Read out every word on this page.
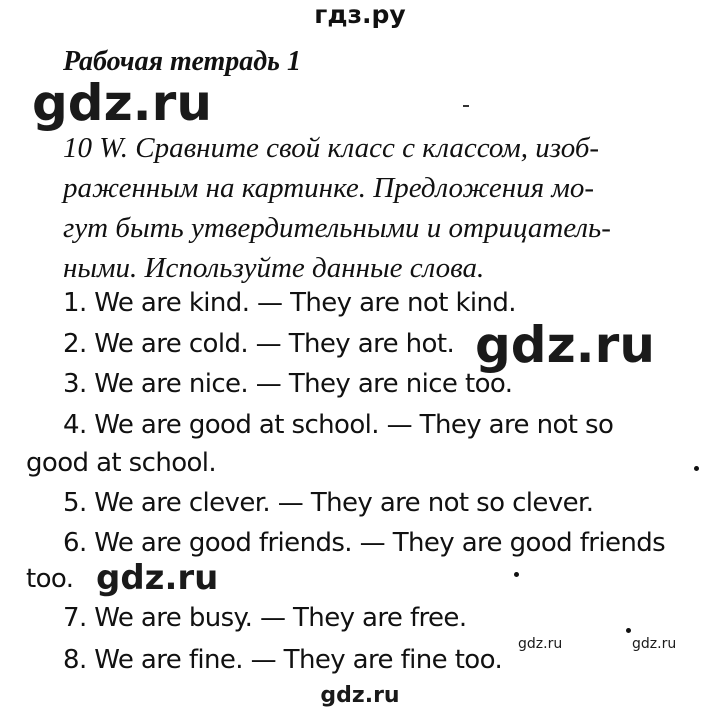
гдз.ру
Рабочая тетрадь 1
gdz.ru
10 W. Сравните свой класс с классом, изоб-
раженным на картинке. Предложения мо-
гут быть утвердительными и отрицатель-
ными. Используйте данные слова.
1. We are kind. — They are not kind.
2. We are cold. — They are hot.
3. We are nice. — They are nice too.
4. We are good at school. — They are not so
good at school.
5. We are clever. — They are not so clever.
6. We are good friends. — They are good friends
too.
7. We are busy. — They are free.
8. We are fine. — They are fine too.
gdz.ru
gdz.ru
gdz.ru	gdz.ru
gdz.ru
